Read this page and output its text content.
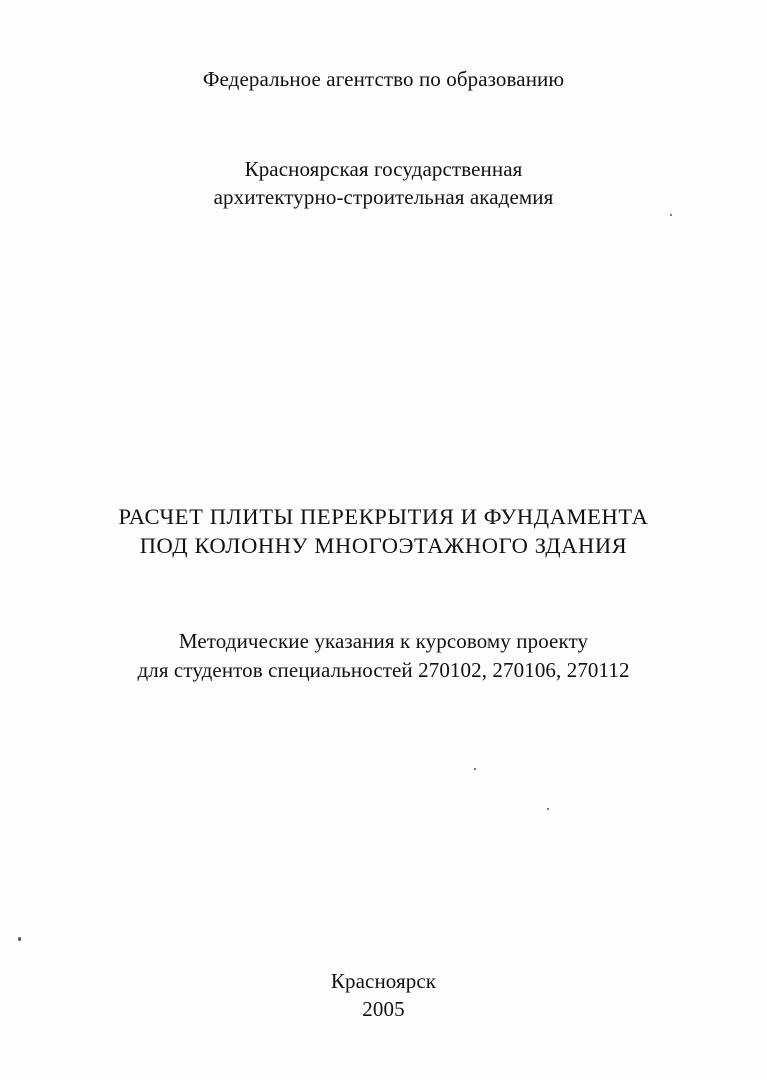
Федеральное агентство по образованию
Красноярская государственная
архитектурно-строительная академия
РАСЧЕТ ПЛИТЫ ПЕРЕКРЫТИЯ И ФУНДАМЕНТА
ПОД КОЛОННУ МНОГОЭТАЖНОГО ЗДАНИЯ
Методические указания к курсовому проекту
для студентов специальностей 270102, 270106, 270112
Красноярск
2005
